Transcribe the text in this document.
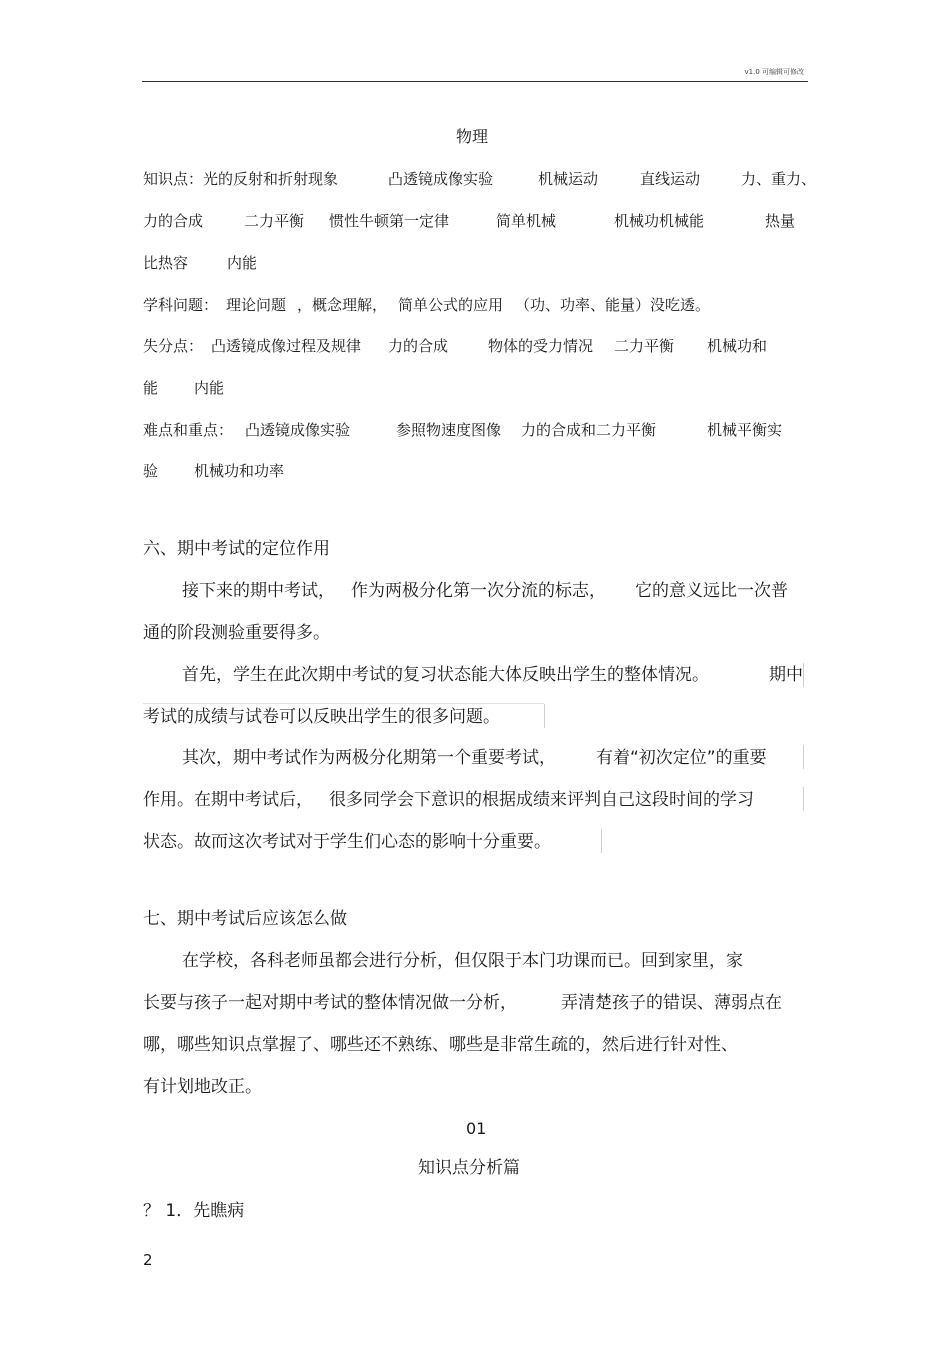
v1.0 可编辑可修改
物理
知识点： 光的反射和折射现象	凸透镜成像实验	机械运动	直线运动	力、重力、
力的合成	二力平衡 惯性牛顿第一定律	简单机械	机械功机械能	热量
比热容	内能
学科问题： 理论问题 ，概念理解， 简单公式的应用 （功、功率、能量）没吃透。
失分点： 凸透镜成像过程及规律 力的合成	物体的受力情况 二力平衡 机械功和
能 内能
难点和重点： 凸透镜成像实验	参照物速度图像 力的合成和二力平衡	机械平衡实
验 机械功和功率
六、期中考试的定位作用
接下来的期中考试， 作为两极分化第一次分流的标志， 它的意义远比一次普
通的阶段测验重要得多。
首先，学生在此次期中考试的复习状态能大体反映出学生的整体情况。	期中
考试的成绩与试卷可以反映出学生的很多问题。
其次，期中考试作为两极分化期第一个重要考试， 有着“初次定位”的重要
作用。在期中考试后， 很多同学会下意识的根据成绩来评判自己这段时间的学习
状态。故而这次考试对于学生们心态的影响十分重要。
七、期中考试后应该怎么做
在学校，各科老师虽都会进行分析，但仅限于本门功课而已。回到家里，家
长要与孩子一起对期中考试的整体情况做一分析，	弄清楚孩子的错误、薄弱点在
哪，哪些知识点掌握了、哪些还不熟练、哪些是非常生疏的，然后进行针对性、
有计划地改正。
01
知识点分析篇
？ 1．先瞧病
2
